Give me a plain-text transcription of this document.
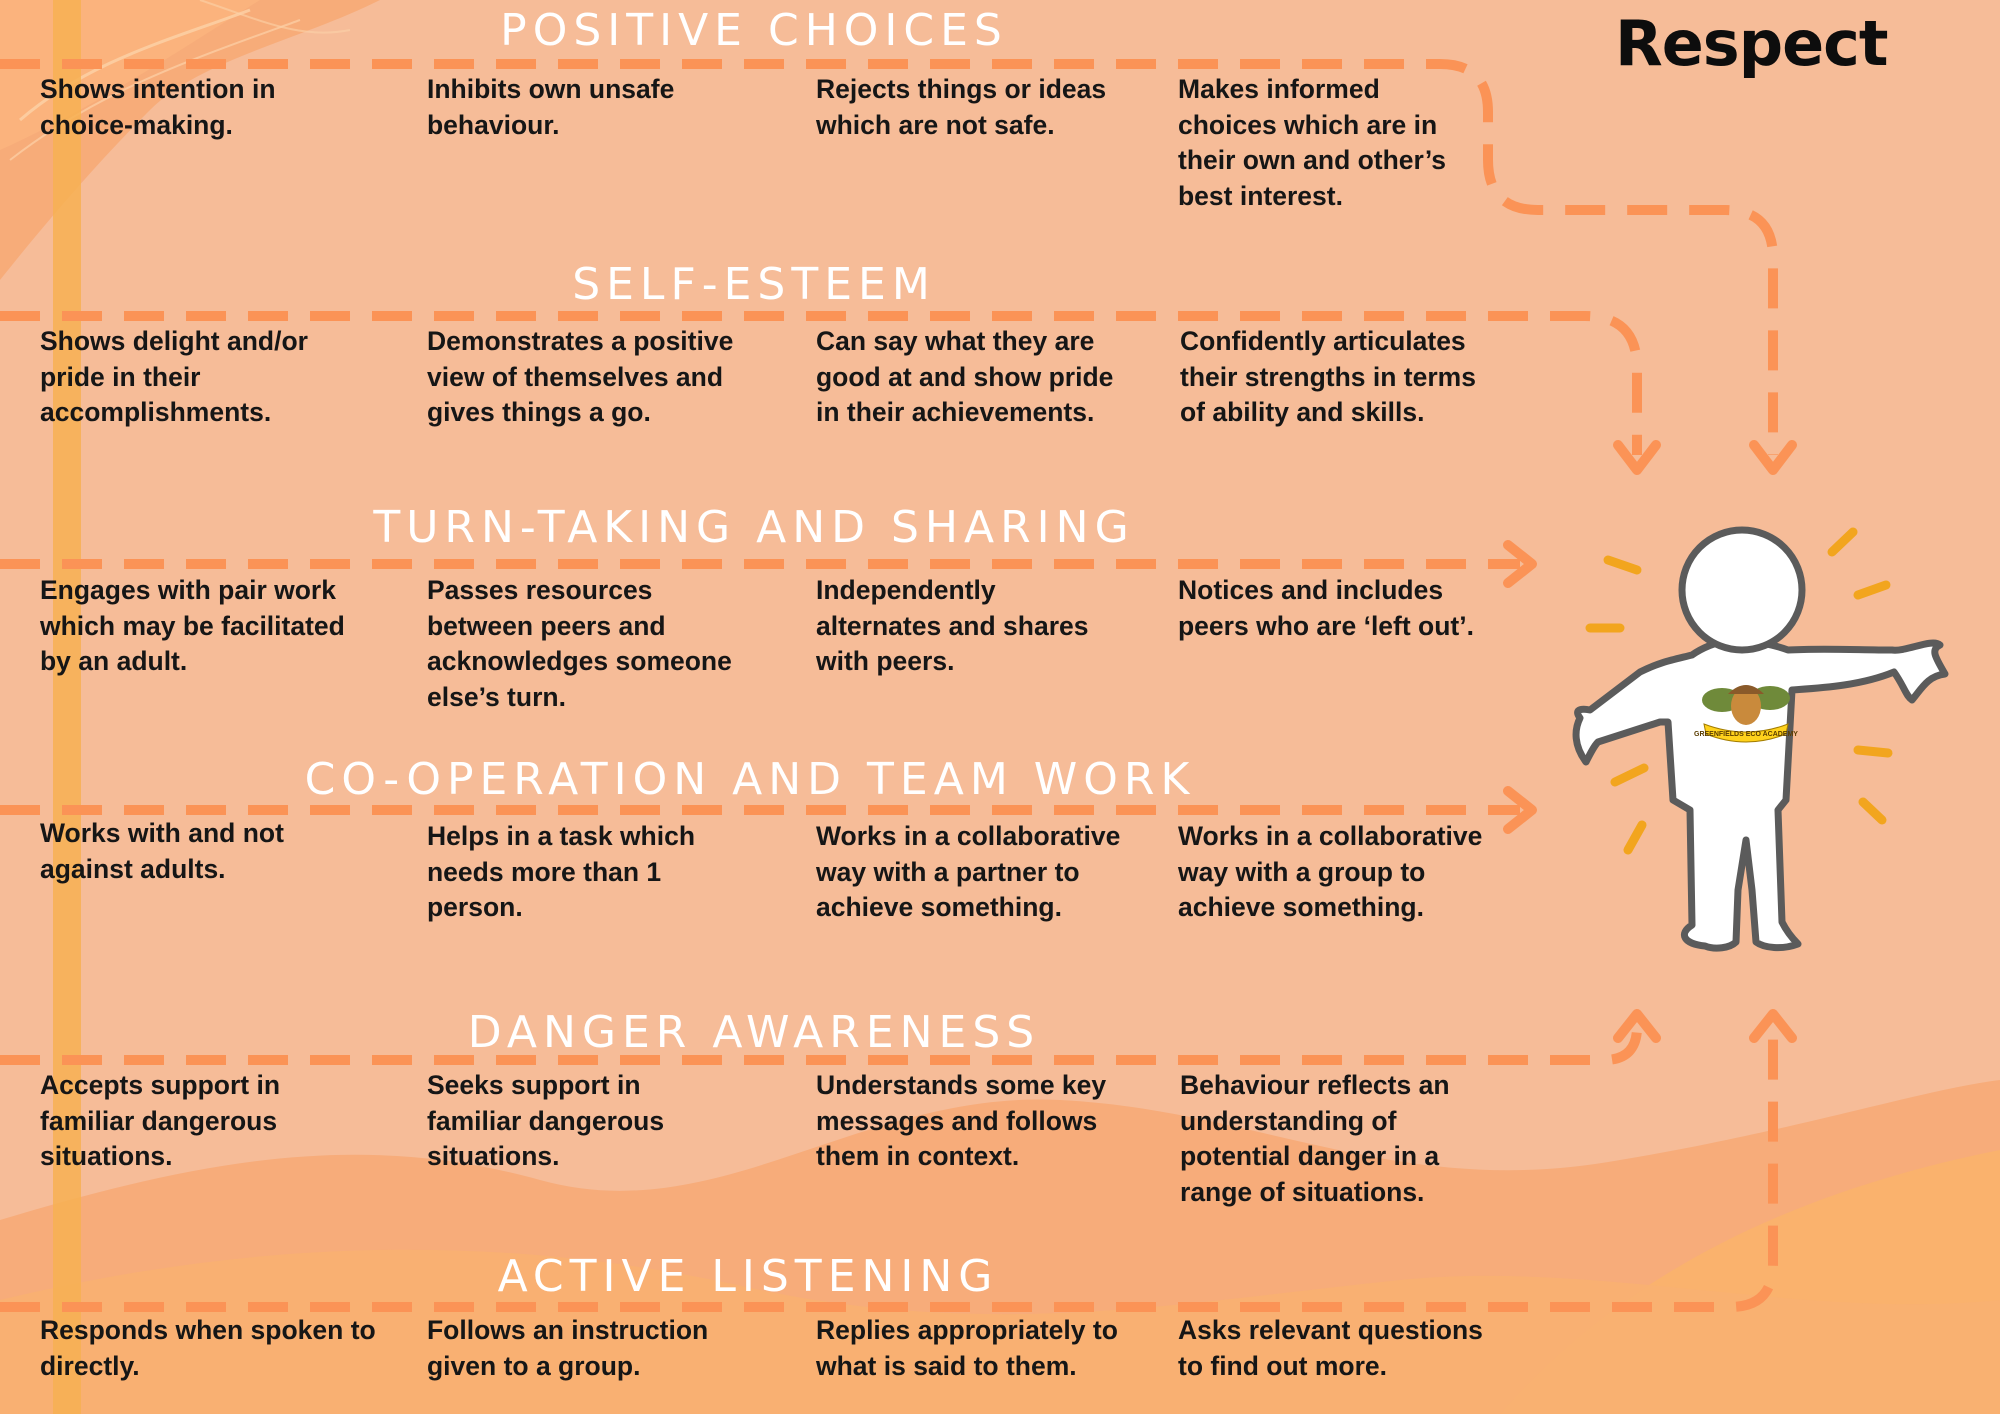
Respect
POSITIVE CHOICES
SELF-ESTEEM
TURN-TAKING AND SHARING
CO-OPERATION AND TEAM WORK
DANGER AWARENESS
ACTIVE LISTENING

Shows intention in choice-making.

Inhibits own unsafe behaviour.

Rejects things or ideas which are not safe.

Makes informed choices which are in their own and other’s best interest.

Shows delight and/or pride in their accomplishments.

Demonstrates a positive view of themselves and gives things a go.

Can say what they are good at and show pride in their achievements.

Confidently articulates their strengths in terms of ability and skills.

Engages with pair work which may be facilitated by an adult.

Passes resources between peers and acknowledges someone else’s turn.

Independently alternates and shares with peers.

Notices and includes peers who are ‘left out’.

Works with and not against adults.

Helps in a task which needs more than 1 person.

Works in a collaborative way with a partner to achieve something.

Works in a collaborative way with a group to achieve something.

Accepts support in familiar dangerous situations.

Seeks support in familiar dangerous situations.

Understands some key messages and follows them in context.

Behaviour reflects an understanding of potential danger in a range of situations.

Responds when spoken to directly.

Follows an instruction given to a group.

Replies appropriately to what is said to them.

Asks relevant questions to find out more.

GREENFIELDS ECO ACADEMY
